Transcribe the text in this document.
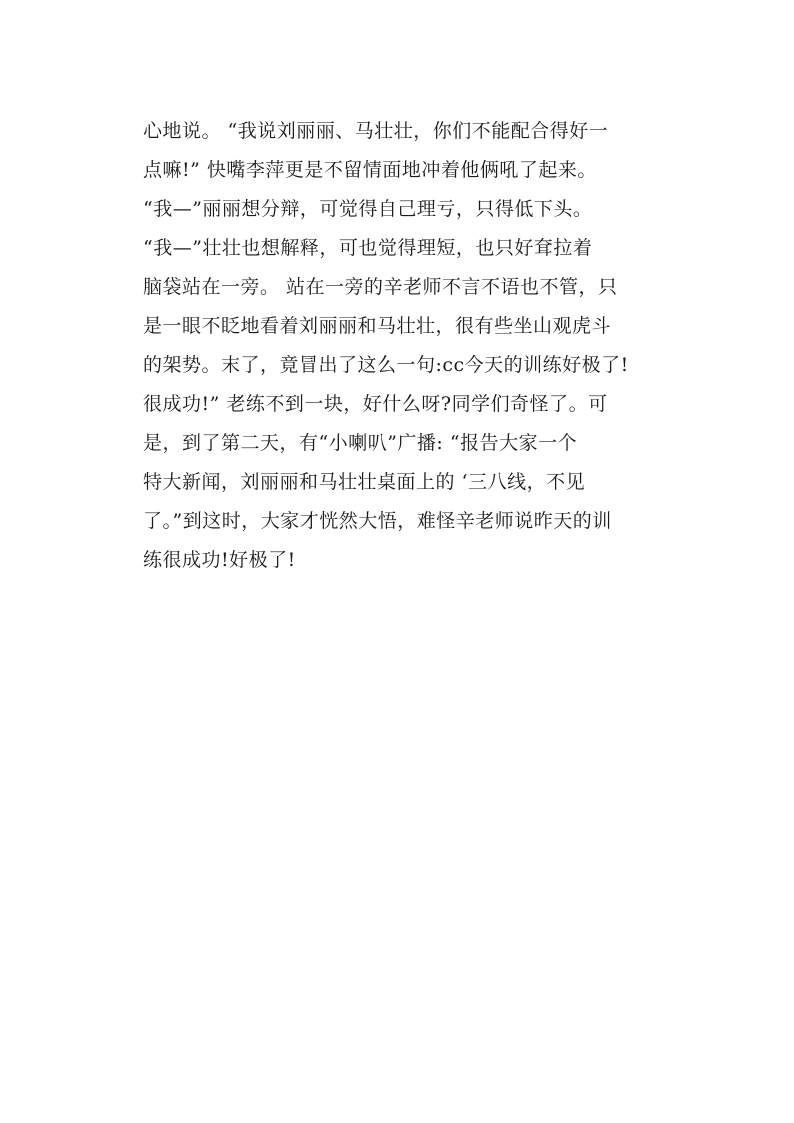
心地说。 “我说刘丽丽、马壮壮，你们不能配合得好一
点嘛!” 快嘴李萍更是不留情面地冲着他俩吼了起来。
“我—”丽丽想分辩，可觉得自己理亏，只得低下头。
“我—”壮壮也想解释，可也觉得理短，也只好耷拉着
脑袋站在一旁。 站在一旁的辛老师不言不语也不管，只
是一眼不眨地看着刘丽丽和马壮壮，很有些坐山观虎斗
的架势。末了，竟冒出了这么一句:cc今天的训练好极了!
很成功!” 老练不到一块，好什么呀?同学们奇怪了。可
是，到了第二天，有“小喇叭”广播: “报告大家一个
特大新闻，刘丽丽和马壮壮桌面上的 ‘三八线，不见
了。”到这时，大家才恍然大悟，难怪辛老师说昨天的训
练很成功!好极了!
